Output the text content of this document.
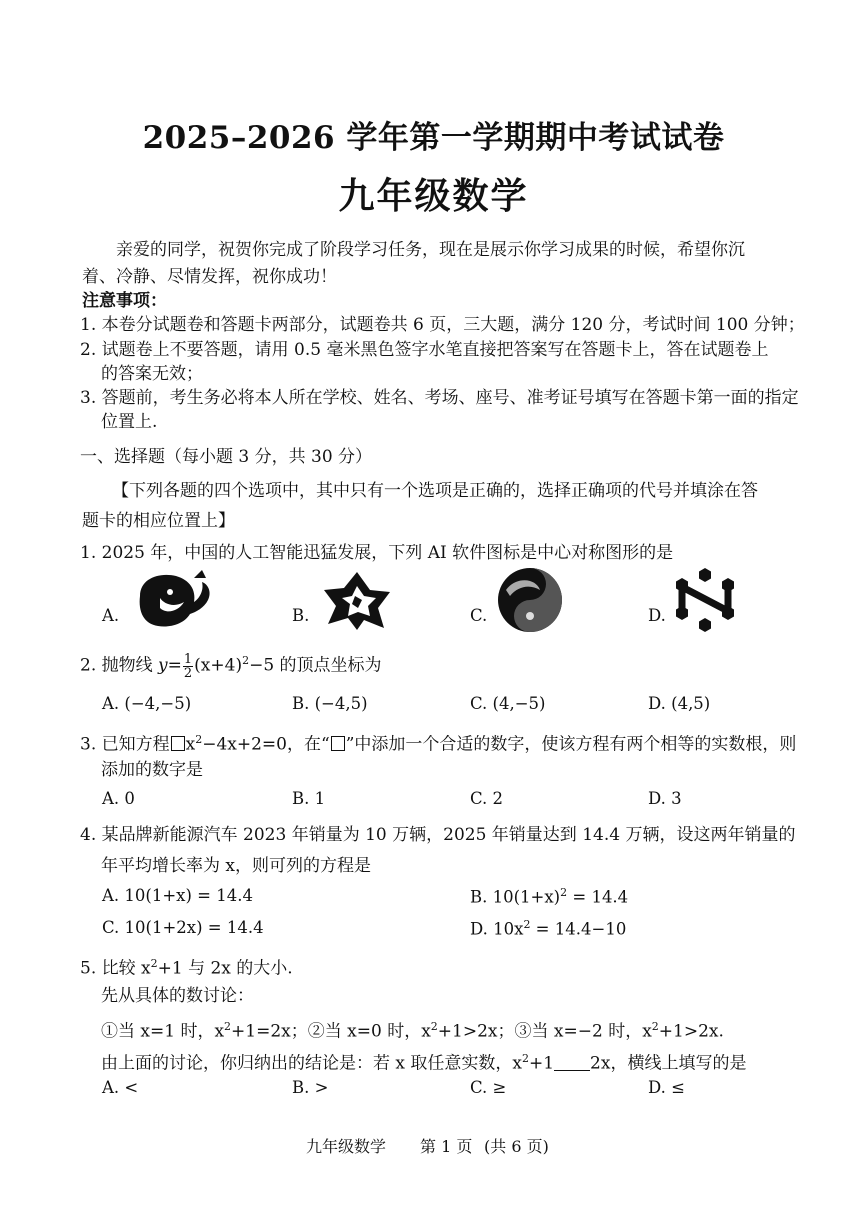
2025–2026 学年第一学期期中考试试卷
九年级数学
亲爱的同学，祝贺你完成了阶段学习任务，现在是展示你学习成果的时候，希望你沉
着、冷静、尽情发挥，祝你成功！
注意事项：
1. 本卷分试题卷和答题卡两部分，试题卷共 6 页，三大题，满分 120 分，考试时间 100 分钟；
2. 试题卷上不要答题，请用 0.5 毫米黑色签字水笔直接把答案写在答题卡上，答在试题卷上
的答案无效；
3. 答题前，考生务必将本人所在学校、姓名、考场、座号、准考证号填写在答题卡第一面的指定
位置上.
一、选择题（每小题 3 分，共 30 分）
【下列各题的四个选项中，其中只有一个选项是正确的，选择正确项的代号并填涂在答
题卡的相应位置上】
1. 2025 年，中国的人工智能迅猛发展，下列 AI 软件图标是中心对称图形的是
A.	B.	C.	D.
2. 抛物线 $y= \frac{1}{2} (x+4)^2-5$ 的顶点坐标为
A. (−4,−5)	B. (−4,5)	C. (4,−5)	D. (4,5)
3. 已知方程 $x^2-4x+2=0$，在“ ”中添加一个合适的数字，使该方程有两个相等的实数根，则
添加的数字是
A. 0	B. 1	C. 2	D. 3
4. 某品牌新能源汽车 2023 年销量为 10 万辆，2025 年销量达到 14.4 万辆，设这两年销量的
年平均增长率为 x，则可列的方程是
A. 10(1+x) = 14.4	B. $10(1+x)^2 = 14.4$
C. 10(1+2x) = 14.4	D. $10x^2 = 14.4-10$
5. 比较 $x^2+1$ 与 2x 的大小.
先从具体的数讨论：
①当 x=1 时，$x^2+1=2x$；②当 x=0 时，$x^2+1>2x$；③当 x=−2 时，$x^2+1>2x$.
由上面的讨论，你归纳出的结论是：若 x 取任意实数，$x^2+1$ 2x，横线上填写的是
A. <	B. >	C. ≥	D. ≤
九年级数学 第 1 页 (共 6 页)
